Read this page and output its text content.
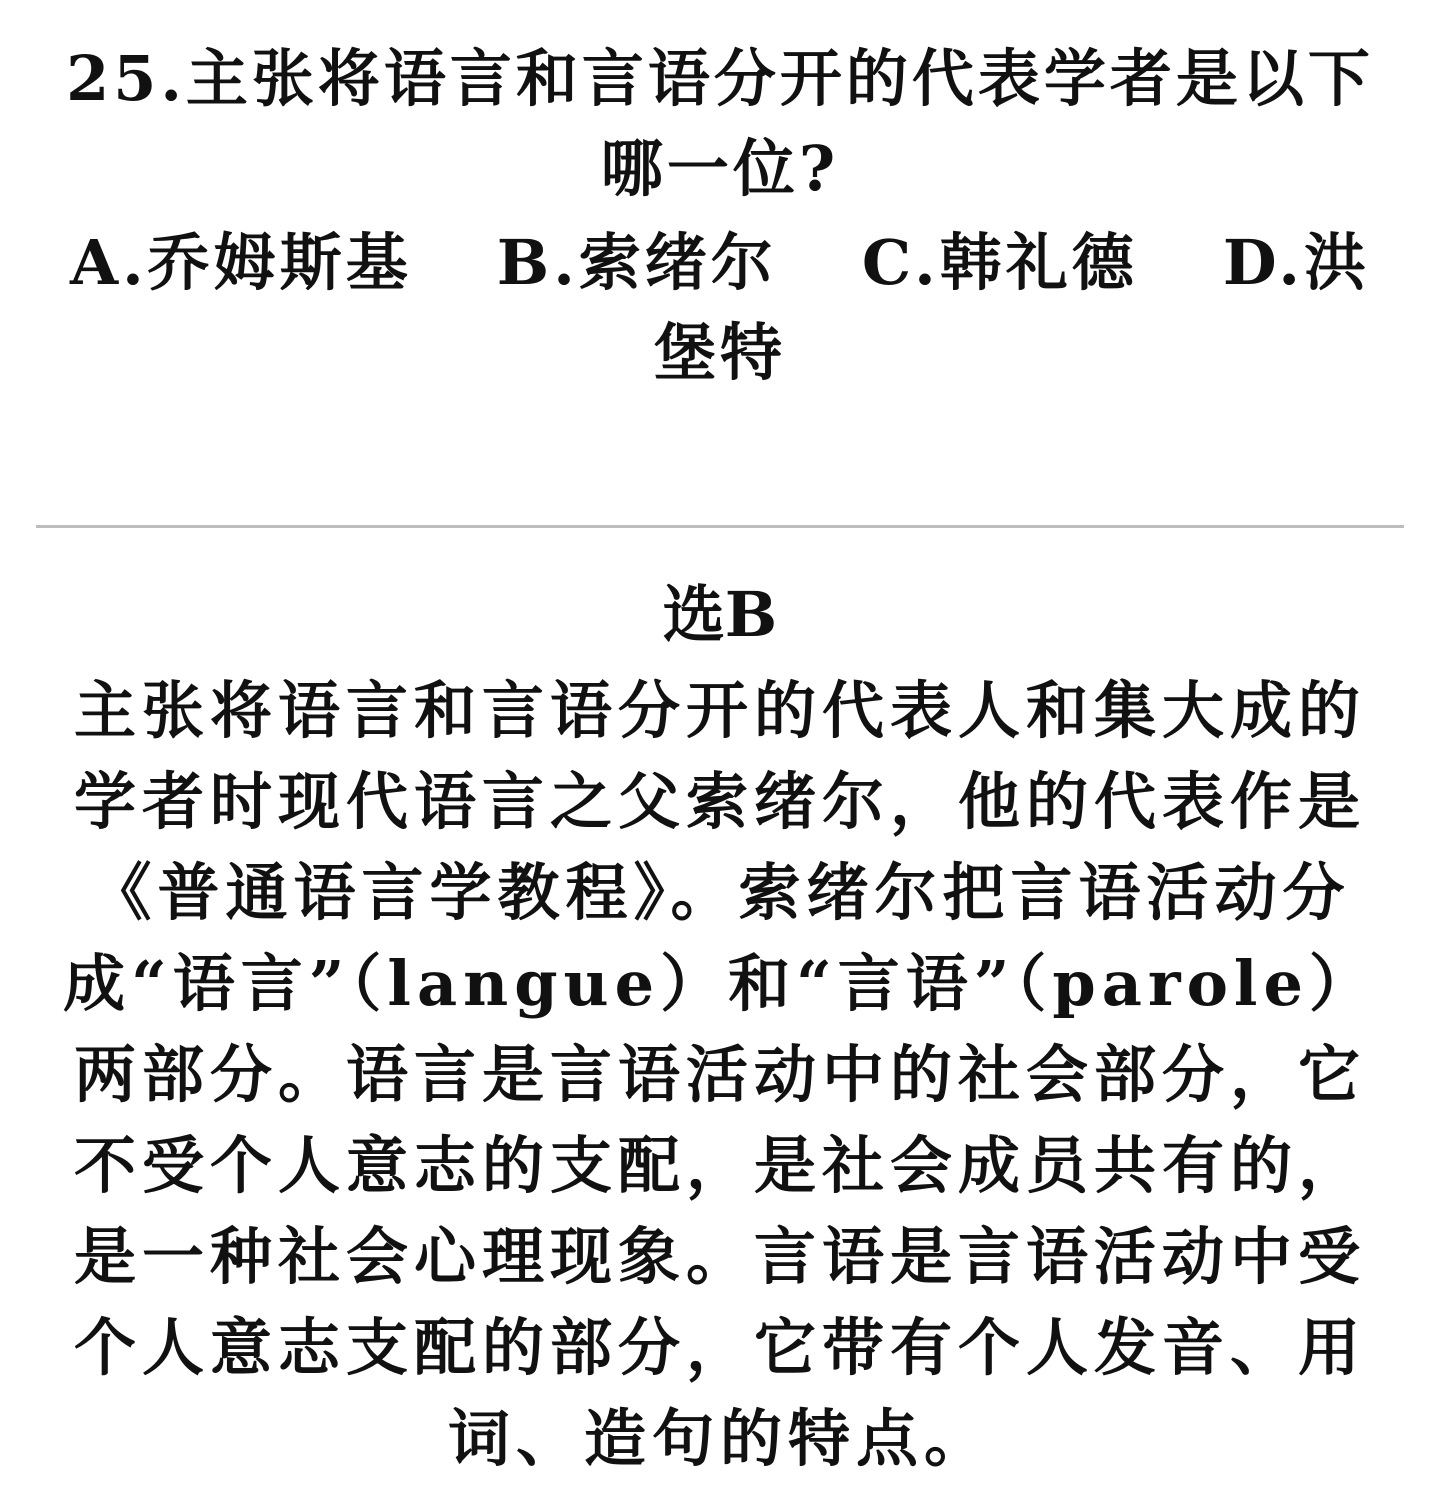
25.主张将语言和言语分开的代表学者是以下哪一位?
A.乔姆斯基 B.索绪尔 C.韩礼德 D.洪
堡特
选B
主张将语言和言语分开的代表人和集大成的学者时现代语言之父索绪尔，他的代表作是《普通语言学教程》。索绪尔把言语活动分成“语言”（langue）和“言语”（parole）两部分。语言是言语活动中的社会部分，它不受个人意志的支配，是社会成员共有的，是一种社会心理现象。言语是言语活动中受个人意志支配的部分，它带有个人发音、用词、造句的特点。
